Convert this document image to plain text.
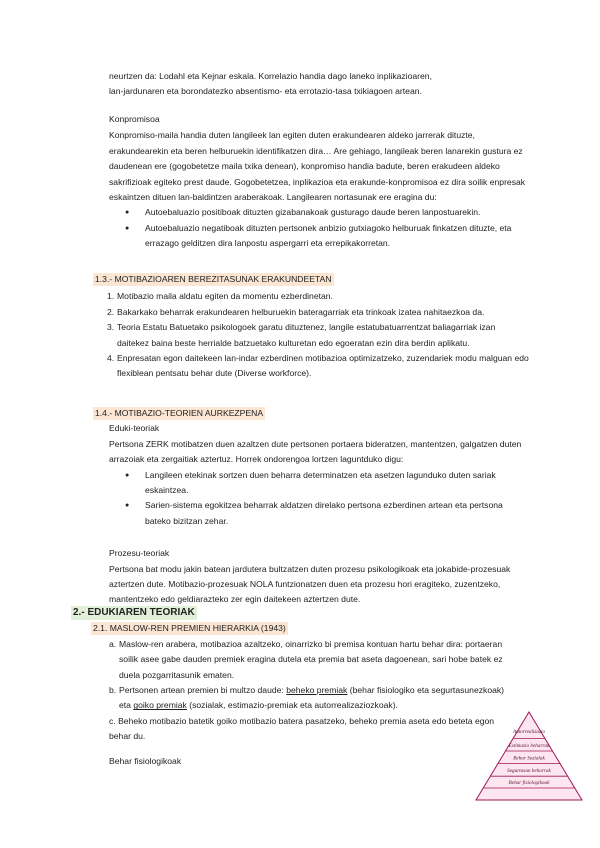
neurtzen da: Lodahl eta Kejnar eskala. Korrelazio handia dago laneko inplikazioaren,

lan-jardunaren eta borondatezko absentismo- eta errotazio-tasa txikiagoen artean.

Konpromisoa

Konpromiso-maila handia duten langileek lan egiten duten erakundearen aldeko jarrerak dituzte, erakundearekin eta beren helburuekin identifikatzen dira… Are gehiago, langileak beren lanarekin gustura ez daudenean ere (gogobetetze maila txika denean), konpromiso handia badute, beren erakudeen aldeko sakrifizioak egiteko prest daude. Gogobetetzea, inplikazioa eta erakunde-konpromisoa ez dira soilik enpresak eskaintzen dituen lan-baldintzen araberakoak. Langilearen nortasunak ere eragina du:

● Autoebaluazio positiboak dituzten gizabanakoak gusturago daude beren lanpostuarekin.
● Autoebaluazio negatiboak dituzten pertsonek anbizio gutxiagoko helburuak finkatzen dituzte, eta errazago gelditzen dira lanpostu aspergarri eta errepikakorretan.
1.3.- MOTIBAZIOAREN BEREZITASUNAK ERAKUNDEETAN
1. Motibazio maila aldatu egiten da momentu ezberdinetan.
2. Bakarkako beharrak erakundearen helburuekin bateragarriak eta trinkoak izatea nahitaezkoa da.
3. Teoria Estatu Batuetako psikologoek garatu dituztenez, langile estatubatuarrentzat baliagarriak izan daitekez baina beste herrialde batzuetako kulturetan edo egoeratan ezin dira berdin aplikatu.
4. Enpresatan egon daitekeen lan-indar ezberdinen motibazioa optimizatzeko, zuzendariek modu malguan edo flexiblean pentsatu behar dute (Diverse workforce).
1.4.- MOTIBAZIO-TEORIEN AURKEZPENA

Eduki-teoriak

Pertsona ZERK motibatzen duen azaltzen dute pertsonen portaera bideratzen, mantentzen, galgatzen duten arrazoiak eta zergaitiak aztertuz. Horrek ondorengoa lortzen laguntduko digu:

● Langileen etekinak sortzen duen beharra determinatzen eta asetzen lagunduko duten sariak eskaintzea.
● Sarien-sistema egokitzea beharrak aldatzen direlako pertsona ezberdinen artean eta pertsona bateko bizitzan zehar.

Prozesu-teoriak

Pertsona bat modu jakin batean jardutera bultzatzen duten prozesu psikologikoak eta jokabide-prozesuak aztertzen dute. Motibazio-prozesuak NOLA funtzionatzen duen eta prozesu hori eragiteko, zuzentzeko, mantentzeko edo geldiarazteko zer egin daitekeen aztertzen dute.

2.- EDUKIAREN TEORIAK
2.1. MASLOW-REN PREMIEN HIERARKIA (1943)
a. Maslow-ren arabera, motibazioa azaltzeko, oinarrizko bi premisa kontuan hartu behar dira: portaeran soilik asee gabe dauden premiek eragina dutela eta premia bat aseta dagoenean, sari hobe batek ez duela pozgarritasunik ematen.
b. Pertsonen artean premien bi multzo daude: beheko premiak (behar fisiologiko eta segurtasunezkoak) eta goiko premiak (sozialak, estimazio-premiak eta autorrealizaziozkoak).
c. Beheko motibazio batetik goiko motibazio batera pasatzeko, beheko premia aseta edo beteta egon behar du.

Behar fisiologikoak

Autorrealizazio
Estimazio beharrak
Behar Sozialak
Segurtasun beharrak
Behar fisiologikoak
